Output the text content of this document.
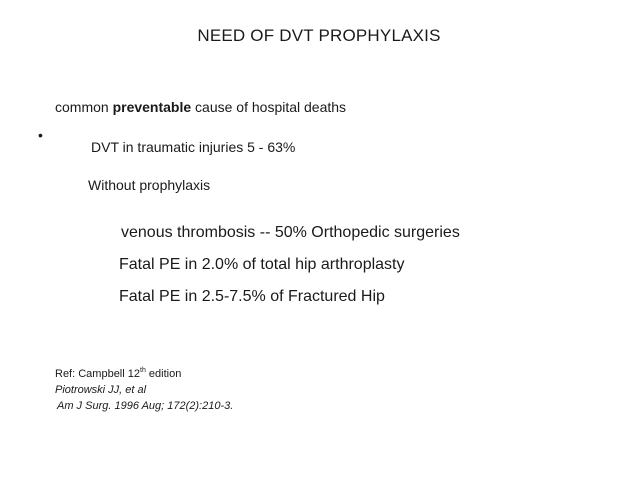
NEED OF DVT PROPHYLAXIS
common preventable cause of hospital deaths
•
DVT in traumatic injuries 5 - 63%
Without prophylaxis
venous thrombosis -- 50% Orthopedic surgeries
Fatal PE in 2.0% of total hip arthroplasty
Fatal PE in 2.5-7.5% of Fractured Hip
Ref: Campbell 12th edition
Piotrowski JJ, et al
Am J Surg. 1996 Aug; 172(2):210-3.
